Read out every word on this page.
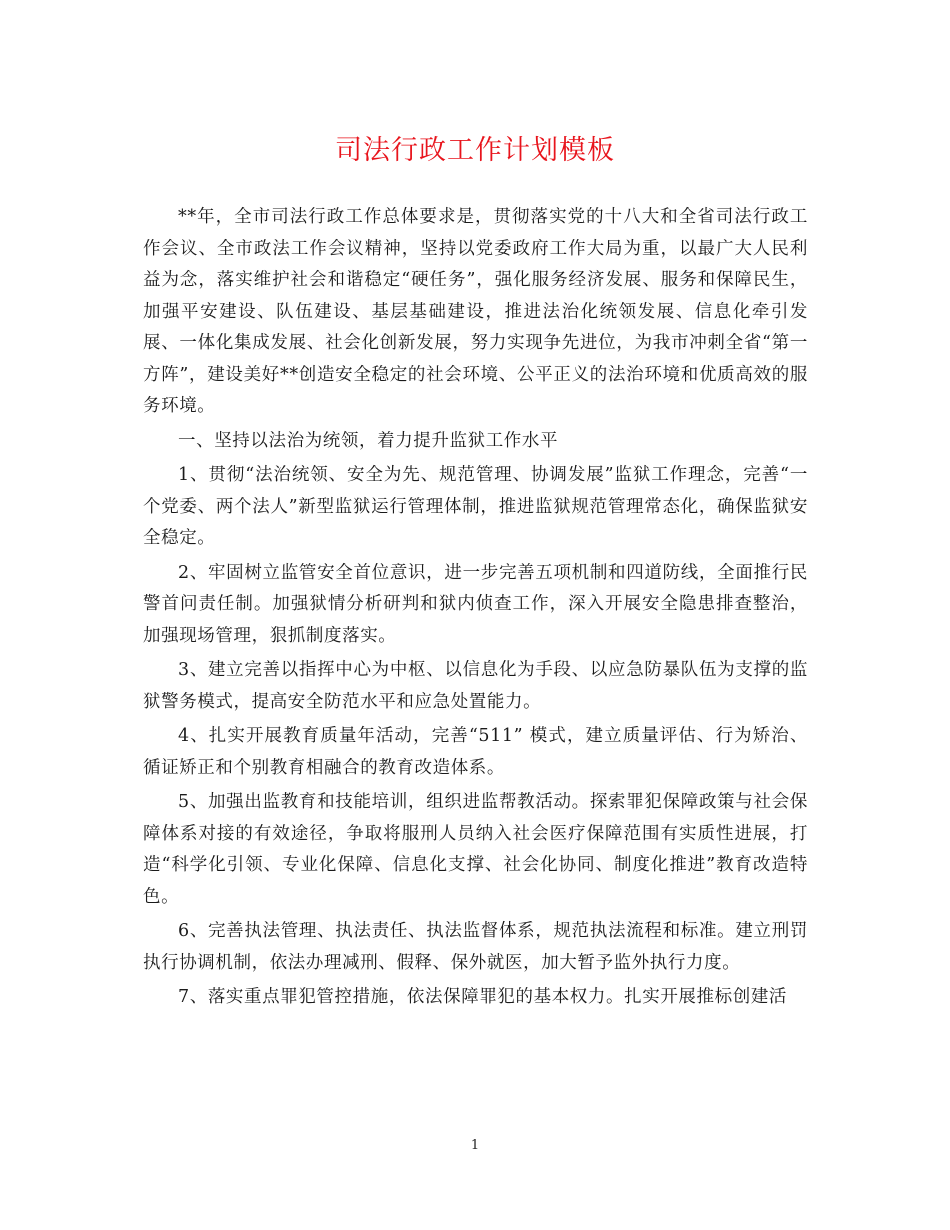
司法行政工作计划模板

**年，全市司法行政工作总体要求是，贯彻落实党的十八大和全省司法行政工作会议、全市政法工作会议精神，坚持以党委政府工作大局为重，以最广大人民利益为念，落实维护社会和谐稳定“硬任务”，强化服务经济发展、服务和保障民生，加强平安建设、队伍建设、基层基础建设，推进法治化统领发展、信息化牵引发展、一体化集成发展、社会化创新发展，努力实现争先进位，为我市冲刺全省“第一方阵”，建设美好**创造安全稳定的社会环境、公平正义的法治环境和优质高效的服务环境。

一、坚持以法治为统领，着力提升监狱工作水平

1、贯彻“法治统领、安全为先、规范管理、协调发展”监狱工作理念，完善“一个党委、两个法人”新型监狱运行管理体制，推进监狱规范管理常态化，确保监狱安全稳定。

2、牢固树立监管安全首位意识，进一步完善五项机制和四道防线，全面推行民警首问责任制。加强狱情分析研判和狱内侦查工作，深入开展安全隐患排查整治，加强现场管理，狠抓制度落实。

3、建立完善以指挥中心为中枢、以信息化为手段、以应急防暴队伍为支撑的监狱警务模式，提高安全防范水平和应急处置能力。

4、扎实开展教育质量年活动，完善“511” 模式，建立质量评估、行为矫治、循证矫正和个别教育相融合的教育改造体系。

5、加强出监教育和技能培训，组织进监帮教活动。探索罪犯保障政策与社会保障体系对接的有效途径，争取将服刑人员纳入社会医疗保障范围有实质性进展，打造“科学化引领、专业化保障、信息化支撑、社会化协同、制度化推进”教育改造特色。

6、完善执法管理、执法责任、执法监督体系，规范执法流程和标准。建立刑罚执行协调机制，依法办理减刑、假释、保外就医，加大暂予监外执行力度。

7、落实重点罪犯管控措施，依法保障罪犯的基本权力。扎实开展推标创建活

1
